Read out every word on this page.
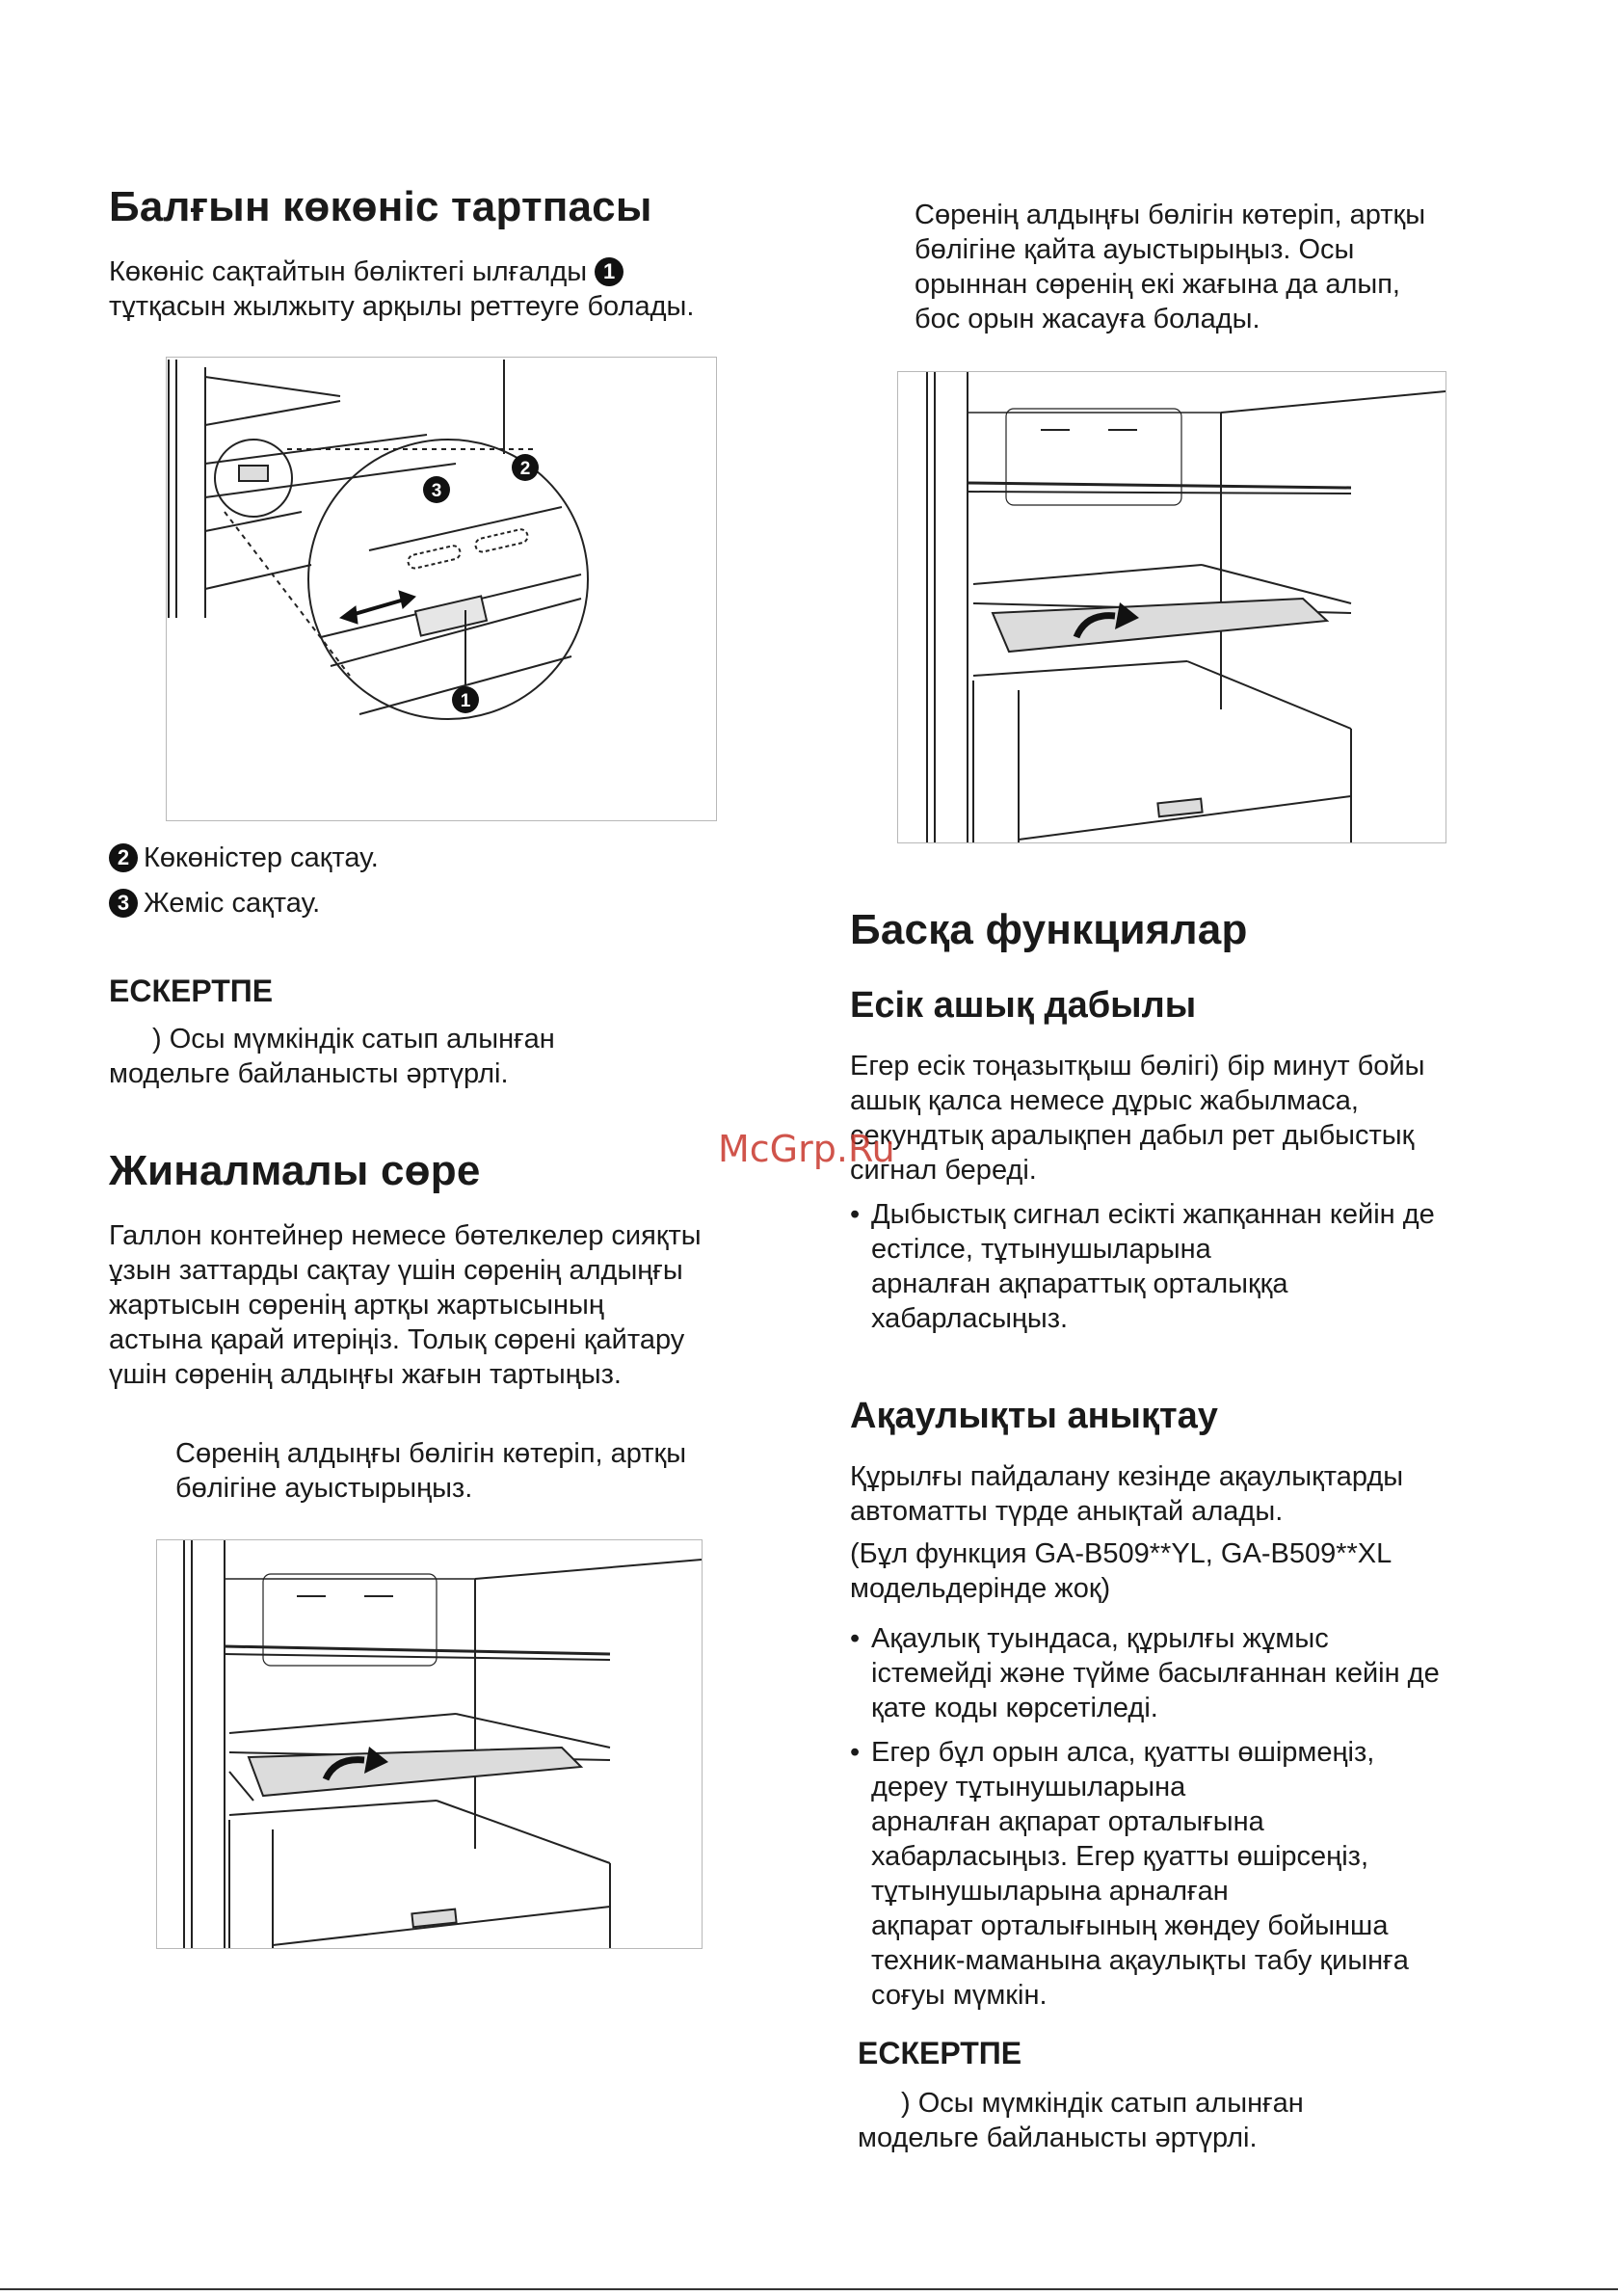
Балғын көкөніс тартпасы

Көкөніс сақтайтын бөліктегі ылғалды 1

тұтқасын жылжыту арқылы реттеуге болады.

3
2
1

2 Көкөністер сақтау.

3 Жеміс сақтау.

ЕСКЕРТПЕ

) Осы мүмкіндік сатып алынған

модельге байланысты әртүрлі.

Жиналмалы сөре

Галлон контейнер немесе бөтелкелер сияқты

ұзын заттарды сақтау үшін сөренің алдыңғы

жартысын сөренің артқы жартысының

астына қарай итеріңіз. Толық сөрені қайтару

үшін сөренің алдыңғы жағын тартыңыз.

Сөренің алдыңғы бөлігін көтеріп, артқы

бөлігіне ауыстырыңыз.

Сөренің алдыңғы бөлігін көтеріп, артқы

бөлігіне қайта ауыстырыңыз. Осы

орыннан сөренің екі жағына да алып,

бос орын жасауға болады.

Басқа функциялар
Есік ашық дабылы

Егер есік тоңазытқыш бөлігі) бір минут бойы

ашық қалса немесе дұрыс жабылмаса,

секундтық аралықпен дабыл рет дыбыстық

сигнал береді.

• Дыбыстық сигнал есікті жапқаннан кейін де

естілсе, тұтынушыларына

арналған ақпараттық орталыққа

хабарласыңыз.

Ақаулықты анықтау

Құрылғы пайдалану кезінде ақаулықтарды

автоматты түрде анықтай алады.

(Бұл функция GA-B509**YL, GA-B509**XL

модельдерінде жоқ)

• Ақаулық туындаса, құрылғы жұмыс

істемейді және түйме басылғаннан кейін де

қате коды көрсетіледі.

• Егер бұл орын алса, қуатты өшірмеңіз,

дереу тұтынушыларына

арналған ақпарат орталығына

хабарласыңыз. Егер қуатты өшірсеңіз,

тұтынушыларына арналған

ақпарат орталығының жөндеу бойынша

техник-маманына ақаулықты табу қиынға

соғуы мүмкін.

ЕСКЕРТПЕ

) Осы мүмкіндік сатып алынған

модельге байланысты әртүрлі.

McGrp.Ru
